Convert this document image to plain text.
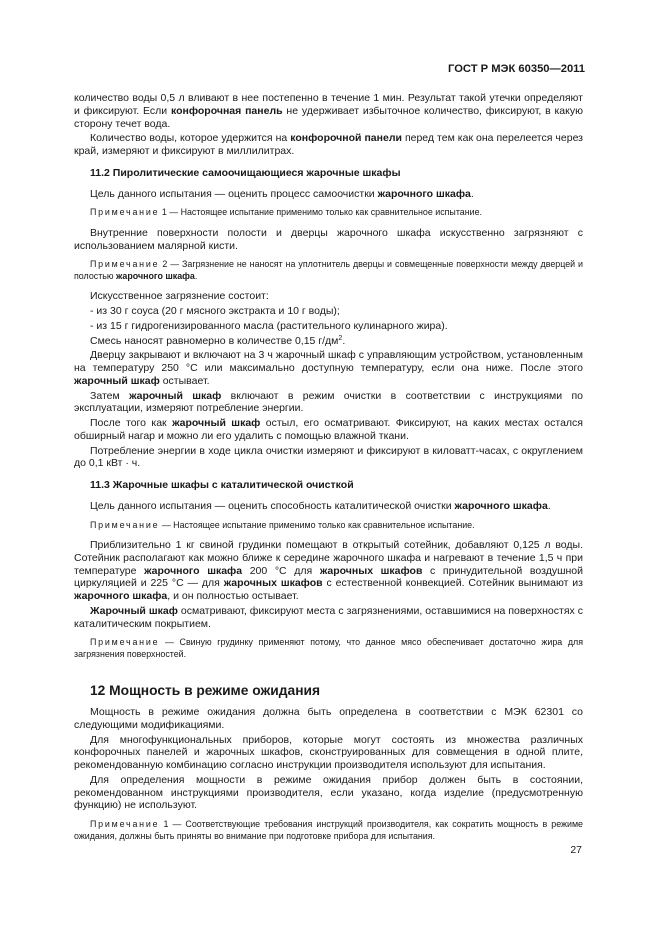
ГОСТ Р МЭК 60350—2011

количество воды 0,5 л вливают в нее постепенно в течение 1 мин. Результат такой утечки определяют и фиксируют. Если конфорочная панель не удерживает избыточное количество, фиксируют, в какую сторону течет вода.

Количество воды, которое удержится на конфорочной панели перед тем как она перелеется через край, измеряют и фиксируют в миллилитрах.

11.2 Пиролитические самоочищающиеся жарочные шкафы

Цель данного испытания — оценить процесс самоочистки жарочного шкафа.

Примечание 1 — Настоящее испытание применимо только как сравнительное испытание.

Внутренние поверхности полости и дверцы жарочного шкафа искусственно загрязняют с использованием малярной кисти.

Примечание 2 — Загрязнение не наносят на уплотнитель дверцы и совмещенные поверхности между дверцей и полостью жарочного шкафа.

Искусственное загрязнение состоит:

- из 30 г соуса (20 г мясного экстракта и 10 г воды);

- из 15 г гидрогенизированного масла (растительного кулинарного жира).

Смесь наносят равномерно в количестве 0,15 $г/дм^2$.

Дверцу закрывают и включают на 3 ч жарочный шкаф с управляющим устройством, установленным на температуру 250 °С или максимально доступную температуру, если она ниже. После этого жарочный шкаф остывает.

Затем жарочный шкаф включают в режим очистки в соответствии с инструкциями по эксплуатации, измеряют потребление энергии.

После того как жарочный шкаф остыл, его осматривают. Фиксируют, на каких местах остался обширный нагар и можно ли его удалить с помощью влажной ткани.

Потребление энергии в ходе цикла очистки измеряют и фиксируют в киловатт-часах, с округлением до 0,1 кВт · ч.

11.3 Жарочные шкафы с каталитической очисткой

Цель данного испытания — оценить способность каталитической очистки жарочного шкафа.

Примечание — Настоящее испытание применимо только как сравнительное испытание.

Приблизительно 1 кг свиной грудинки помещают в открытый сотейник, добавляют 0,125 л воды. Сотейник располагают как можно ближе к середине жарочного шкафа и нагревают в течение 1,5 ч при температуре жарочного шкафа 200 °С для жарочных шкафов с принудительной воздушной циркуляцией и 225 °С — для жарочных шкафов с естественной конвекцией. Сотейник вынимают из жарочного шкафа, и он полностью остывает.

Жарочный шкаф осматривают, фиксируют места с загрязнениями, оставшимися на поверхностях с каталитическим покрытием.

Примечание — Свиную грудинку применяют потому, что данное мясо обеспечивает достаточно жира для загрязнения поверхностей.

12 Мощность в режиме ожидания

Мощность в режиме ожидания должна быть определена в соответствии с МЭК 62301 со следующими модификациями.

Для многофункциональных приборов, которые могут состоять из множества различных конфорочных панелей и жарочных шкафов, сконструированных для совмещения в одной плите, рекомендованную комбинацию согласно инструкции производителя используют для испытания.

Для определения мощности в режиме ожидания прибор должен быть в состоянии, рекомендованном инструкциями производителя, если указано, когда изделие (предусмотренную функцию) не используют.

Примечание 1 — Соответствующие требования инструкций производителя, как сократить мощность в режиме ожидания, должны быть приняты во внимание при подготовке прибора для испытания.

27
